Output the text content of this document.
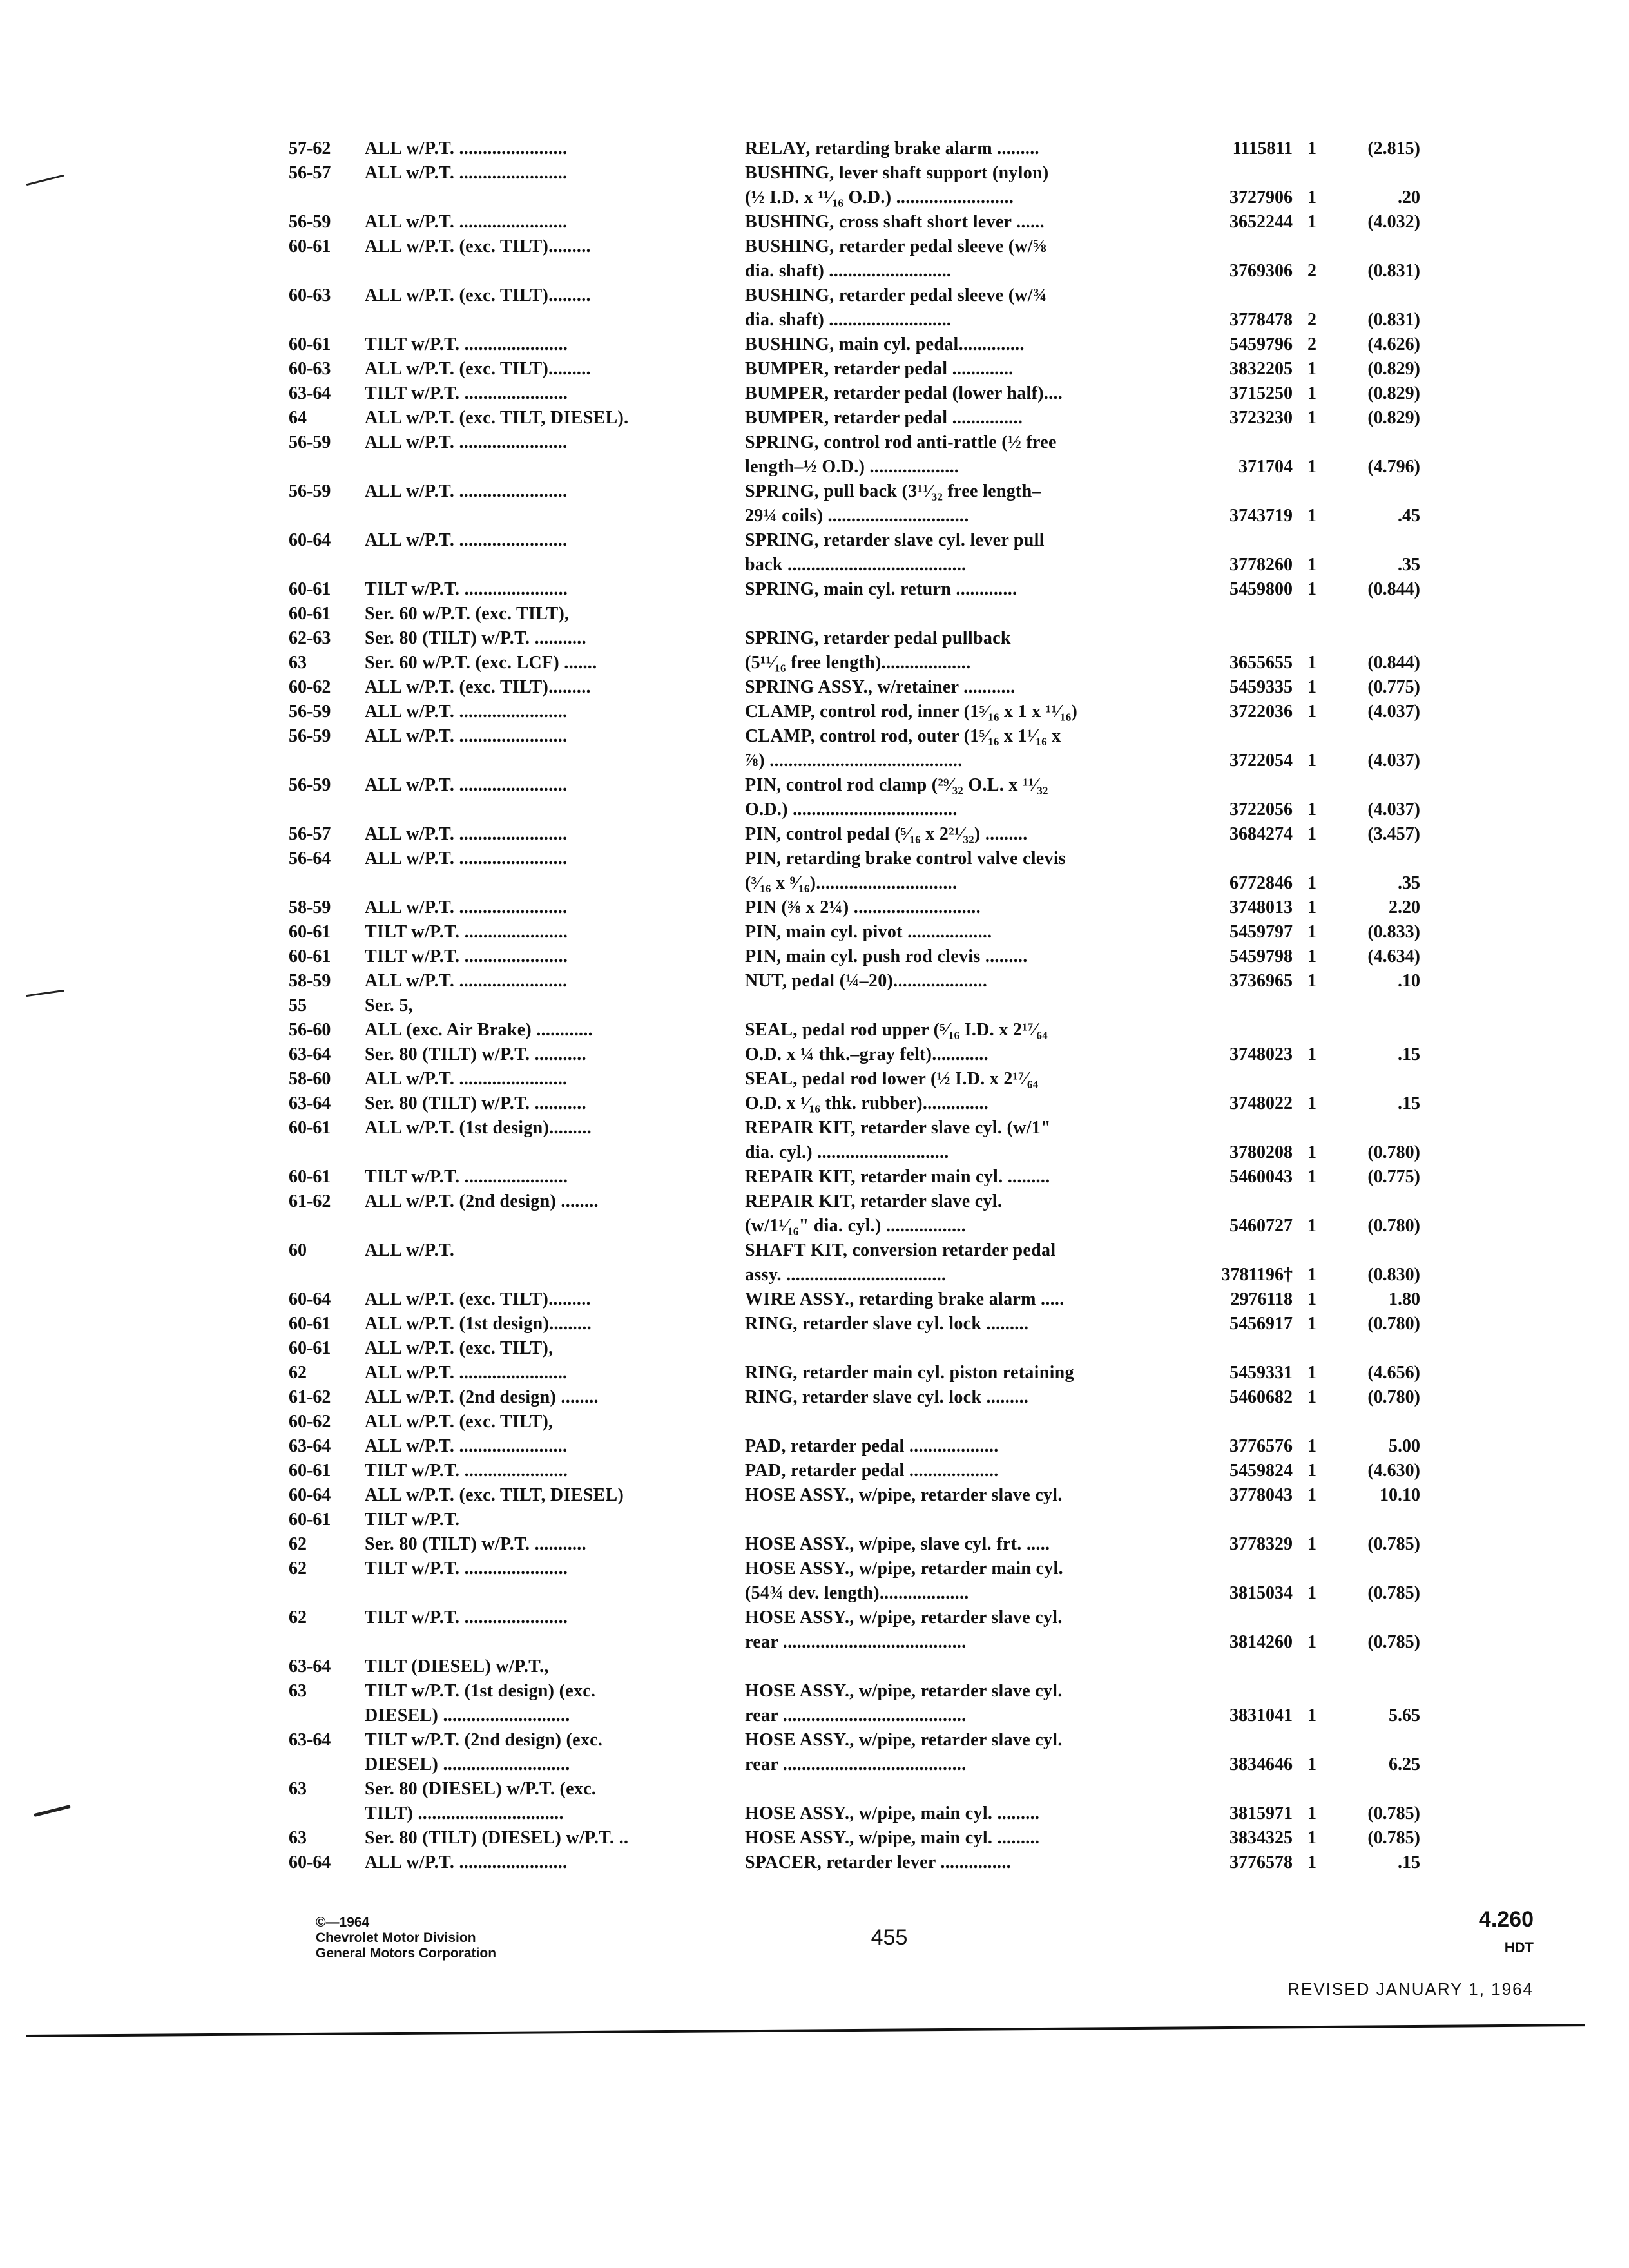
57-62	ALL w/P.T. .......................	RELAY, retarding brake alarm .........	1115811 1	(2.815)
56-57	ALL w/P.T. .......................	BUSHING, lever shaft support (nylon)
(½ I.D. x ¹¹⁄₁₆ O.D.) .........................	3727906 1	.20
56-59	ALL w/P.T. .......................	BUSHING, cross shaft short lever ......	3652244 1	(4.032)
60-61	ALL w/P.T. (exc. TILT).........	BUSHING, retarder pedal sleeve (w/⅝
dia. shaft) ..........................	3769306 2	(0.831)
60-63	ALL w/P.T. (exc. TILT).........	BUSHING, retarder pedal sleeve (w/¾
dia. shaft) ..........................	3778478 2	(0.831)
60-61	TILT w/P.T. ......................	BUSHING, main cyl. pedal..............	5459796 2	(4.626)
60-63	ALL w/P.T. (exc. TILT).........	BUMPER, retarder pedal .............	3832205 1	(0.829)
63-64	TILT w/P.T. ......................	BUMPER, retarder pedal (lower half)....	3715250 1	(0.829)
64	ALL w/P.T. (exc. TILT, DIESEL).	BUMPER, retarder pedal ...............	3723230 1	(0.829)
56-59	ALL w/P.T. .......................	SPRING, control rod anti-rattle (½ free
length–½ O.D.) ...................	371704 1	(4.796)
56-59	ALL w/P.T. .......................	SPRING, pull back (3¹¹⁄₃₂ free length–
29¼ coils) ..............................	3743719 1	.45
60-64	ALL w/P.T. .......................	SPRING, retarder slave cyl. lever pull
back ......................................	3778260 1	.35
60-61	TILT w/P.T. ......................	SPRING, main cyl. return .............	5459800 1	(0.844)
60-61	Ser. 60 w/P.T. (exc. TILT),
62-63	Ser. 80 (TILT) w/P.T. ...........	SPRING, retarder pedal pullback
63	Ser. 60 w/P.T. (exc. LCF) .......	(5¹¹⁄₁₆ free length)...................	3655655 1	(0.844)
60-62	ALL w/P.T. (exc. TILT).........	SPRING ASSY., w/retainer ...........	5459335 1	(0.775)
56-59	ALL w/P.T. .......................	CLAMP, control rod, inner (1⁵⁄₁₆ x 1 x ¹¹⁄₁₆)	3722036 1	(4.037)
56-59	ALL w/P.T. .......................	CLAMP, control rod, outer (1⁵⁄₁₆ x 1¹⁄₁₆ x
⅞) .........................................	3722054 1	(4.037)
56-59	ALL w/P.T. .......................	PIN, control rod clamp (²⁹⁄₃₂ O.L. x ¹¹⁄₃₂
O.D.) ...................................	3722056 1	(4.037)
56-57	ALL w/P.T. .......................	PIN, control pedal (⁵⁄₁₆ x 2²¹⁄₃₂) .........	3684274 1	(3.457)
56-64	ALL w/P.T. .......................	PIN, retarding brake control valve clevis
(³⁄₁₆ x ⁹⁄₁₆)..............................	6772846 1	.35
58-59	ALL w/P.T. .......................	PIN (⅜ x 2¼) ...........................	3748013 1	2.20
60-61	TILT w/P.T. ......................	PIN, main cyl. pivot ..................	5459797 1	(0.833)
60-61	TILT w/P.T. ......................	PIN, main cyl. push rod clevis .........	5459798 1	(4.634)
58-59	ALL w/P.T. .......................	NUT, pedal (¼–20)....................	3736965 1	.10
55	Ser. 5,
56-60	ALL (exc. Air Brake) ............	SEAL, pedal rod upper (⁵⁄₁₆ I.D. x 2¹⁷⁄₆₄
63-64	Ser. 80 (TILT) w/P.T. ...........	O.D. x ¼ thk.–gray felt)............	3748023 1	.15
58-60	ALL w/P.T. .......................	SEAL, pedal rod lower (½ I.D. x 2¹⁷⁄₆₄
63-64	Ser. 80 (TILT) w/P.T. ...........	O.D. x ¹⁄₁₆ thk. rubber)..............	3748022 1	.15
60-61	ALL w/P.T. (1st design).........	REPAIR KIT, retarder slave cyl. (w/1"
dia. cyl.) ............................	3780208 1	(0.780)
60-61	TILT w/P.T. ......................	REPAIR KIT, retarder main cyl. .........	5460043 1	(0.775)
61-62	ALL w/P.T. (2nd design) ........	REPAIR KIT, retarder slave cyl.
(w/1¹⁄₁₆" dia. cyl.) .................	5460727 1	(0.780)
60	ALL w/P.T.	SHAFT KIT, conversion retarder pedal
assy. ..................................	3781196† 1	(0.830)
60-64	ALL w/P.T. (exc. TILT).........	WIRE ASSY., retarding brake alarm .....	2976118 1	1.80
60-61	ALL w/P.T. (1st design).........	RING, retarder slave cyl. lock .........	5456917 1	(0.780)
60-61	ALL w/P.T. (exc. TILT),
62	ALL w/P.T. .......................	RING, retarder main cyl. piston retaining	5459331 1	(4.656)
61-62	ALL w/P.T. (2nd design) ........	RING, retarder slave cyl. lock .........	5460682 1	(0.780)
60-62	ALL w/P.T. (exc. TILT),
63-64	ALL w/P.T. .......................	PAD, retarder pedal ...................	3776576 1	5.00
60-61	TILT w/P.T. ......................	PAD, retarder pedal ...................	5459824 1	(4.630)
60-64	ALL w/P.T. (exc. TILT, DIESEL)	HOSE ASSY., w/pipe, retarder slave cyl.	3778043 1	10.10
60-61	TILT w/P.T.
62	Ser. 80 (TILT) w/P.T. ...........	HOSE ASSY., w/pipe, slave cyl. frt. .....	3778329 1	(0.785)
62	TILT w/P.T. ......................	HOSE ASSY., w/pipe, retarder main cyl.
(54¾ dev. length)...................	3815034 1	(0.785)
62	TILT w/P.T. ......................	HOSE ASSY., w/pipe, retarder slave cyl.
rear .......................................	3814260 1	(0.785)
63-64	TILT (DIESEL) w/P.T.,
63	TILT w/P.T. (1st design) (exc.	HOSE ASSY., w/pipe, retarder slave cyl.
DIESEL) ...........................	rear .......................................	3831041 1	5.65
63-64	TILT w/P.T. (2nd design) (exc.	HOSE ASSY., w/pipe, retarder slave cyl.
DIESEL) ...........................	rear .......................................	3834646 1	6.25
63	Ser. 80 (DIESEL) w/P.T. (exc.
TILT) ...............................	HOSE ASSY., w/pipe, main cyl. .........	3815971 1	(0.785)
63	Ser. 80 (TILT) (DIESEL) w/P.T. ..	HOSE ASSY., w/pipe, main cyl. .........	3834325 1	(0.785)
60-64	ALL w/P.T. .......................	SPACER, retarder lever ...............	3776578 1	.15
©—1964
Chevrolet Motor Division
General Motors Corporation
455
4.260
HDT
REVISED JANUARY 1, 1964
